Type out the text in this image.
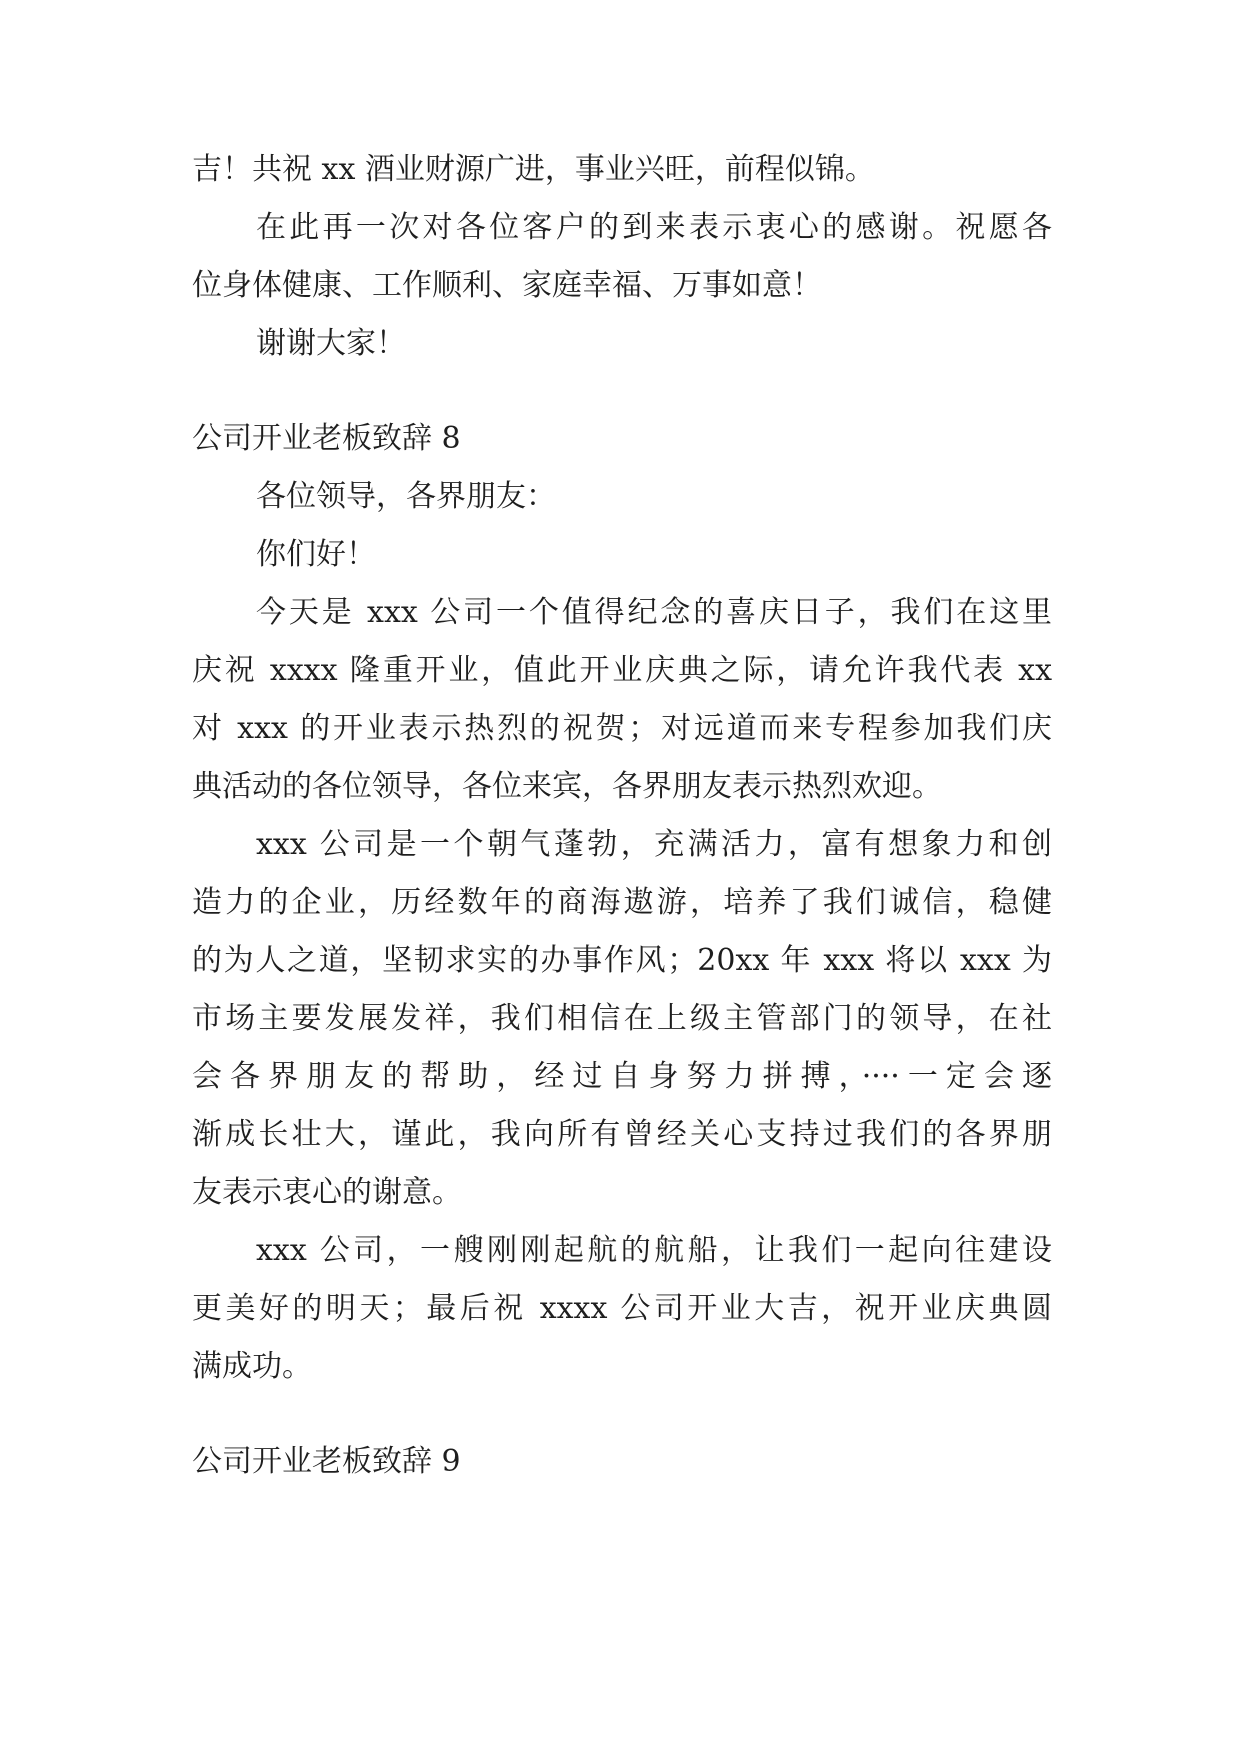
吉！共祝 xx 酒业财源广进，事业兴旺，前程似锦。
在此再一次对各位客户的到来表示衷心的感谢。祝愿各
位身体健康、工作顺利、家庭幸福、万事如意！
谢谢大家！
公司开业老板致辞 8
各位领导，各界朋友：
你们好！
今天是 xxx 公司一个值得纪念的喜庆日子，我们在这里
庆祝 xxxx 隆重开业，值此开业庆典之际，请允许我代表 xx
对 xxx 的开业表示热烈的祝贺；对远道而来专程参加我们庆
典活动的各位领导，各位来宾，各界朋友表示热烈欢迎。
xxx 公司是一个朝气蓬勃，充满活力，富有想象力和创
造力的企业，历经数年的商海遨游，培养了我们诚信，稳健
的为人之道，坚韧求实的办事作风；20xx 年 xxx 将以 xxx 为
市场主要发展发祥，我们相信在上级主管部门的领导，在社
会各界朋友的帮助，经过自身努力拼搏，····一定会逐
渐成长壮大，谨此，我向所有曾经关心支持过我们的各界朋
友表示衷心的谢意。
xxx 公司，一艘刚刚起航的航船，让我们一起向往建设
更美好的明天；最后祝 xxxx 公司开业大吉，祝开业庆典圆
满成功。
公司开业老板致辞 9
